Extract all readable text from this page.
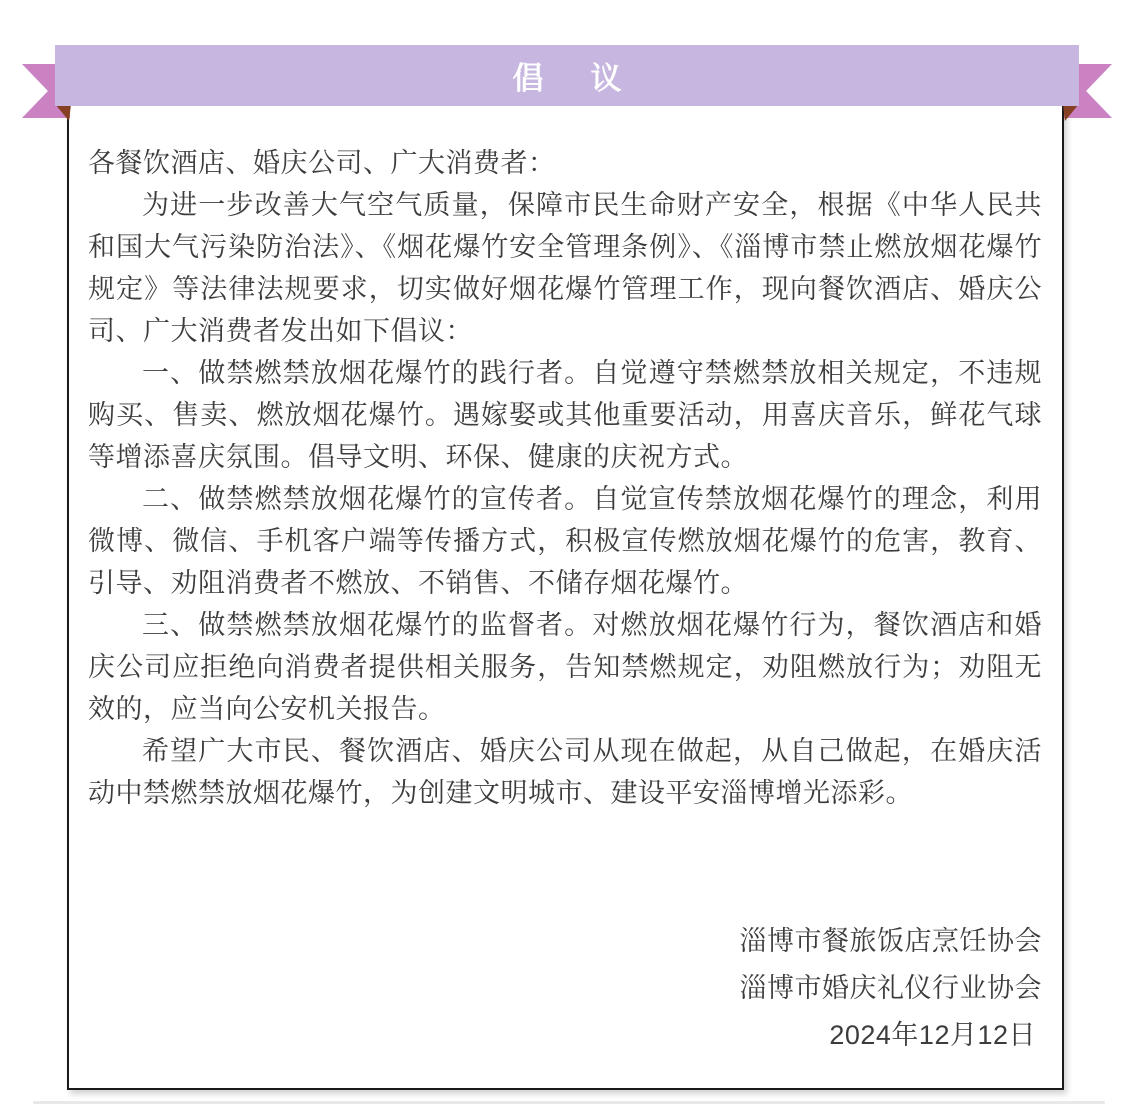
倡　议

各餐饮酒店、婚庆公司、广大消费者：

为进一步改善大气空气质量，保障市民生命财产安全，根据《中华人民共和国大气污染防治法》、《烟花爆竹安全管理条例》、《淄博市禁止燃放烟花爆竹规定》等法律法规要求，切实做好烟花爆竹管理工作，现向餐饮酒店、婚庆公司、广大消费者发出如下倡议：

一、做禁燃禁放烟花爆竹的践行者。自觉遵守禁燃禁放相关规定，不违规购买、售卖、燃放烟花爆竹。遇嫁娶或其他重要活动，用喜庆音乐，鲜花气球等增添喜庆氛围。倡导文明、环保、健康的庆祝方式。

二、做禁燃禁放烟花爆竹的宣传者。自觉宣传禁放烟花爆竹的理念，利用微博、微信、手机客户端等传播方式，积极宣传燃放烟花爆竹的危害，教育、引导、劝阻消费者不燃放、不销售、不储存烟花爆竹。

三、做禁燃禁放烟花爆竹的监督者。对燃放烟花爆竹行为，餐饮酒店和婚庆公司应拒绝向消费者提供相关服务，告知禁燃规定，劝阻燃放行为；劝阻无效的，应当向公安机关报告。

希望广大市民、餐饮酒店、婚庆公司从现在做起，从自己做起，在婚庆活动中禁燃禁放烟花爆竹，为创建文明城市、建设平安淄博增光添彩。

淄博市餐旅饭店烹饪协会

淄博市婚庆礼仪行业协会

2024年12月12日
